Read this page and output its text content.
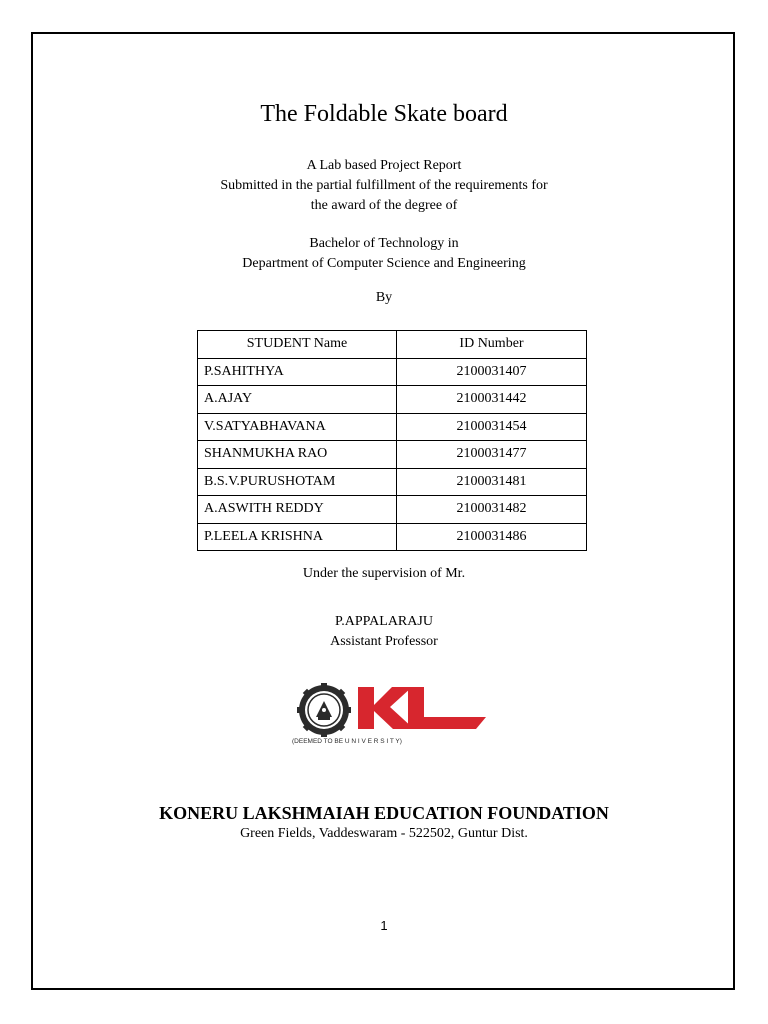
The Foldable Skate board
A Lab based Project Report
Submitted in the partial fulfillment of the requirements for
the award of the degree of
Bachelor of Technology in
Department of Computer Science and Engineering
By
STUDENT Name	ID Number
P.SAHITHYA	2100031407
A.AJAY	2100031442
V.SATYABHAVANA	2100031454
SHANMUKHA RAO	2100031477
B.S.V.PURUSHOTAM	2100031481
A.ASWITH REDDY	2100031482
P.LEELA KRISHNA	2100031486
Under the supervision of Mr.
P.APPALARAJU
Assistant Professor
(DEEMED TO BE U N I V E R S I T Y)
KONERU LAKSHMAIAH EDUCATION FOUNDATION
Green Fields, Vaddeswaram - 522502, Guntur Dist.
1
